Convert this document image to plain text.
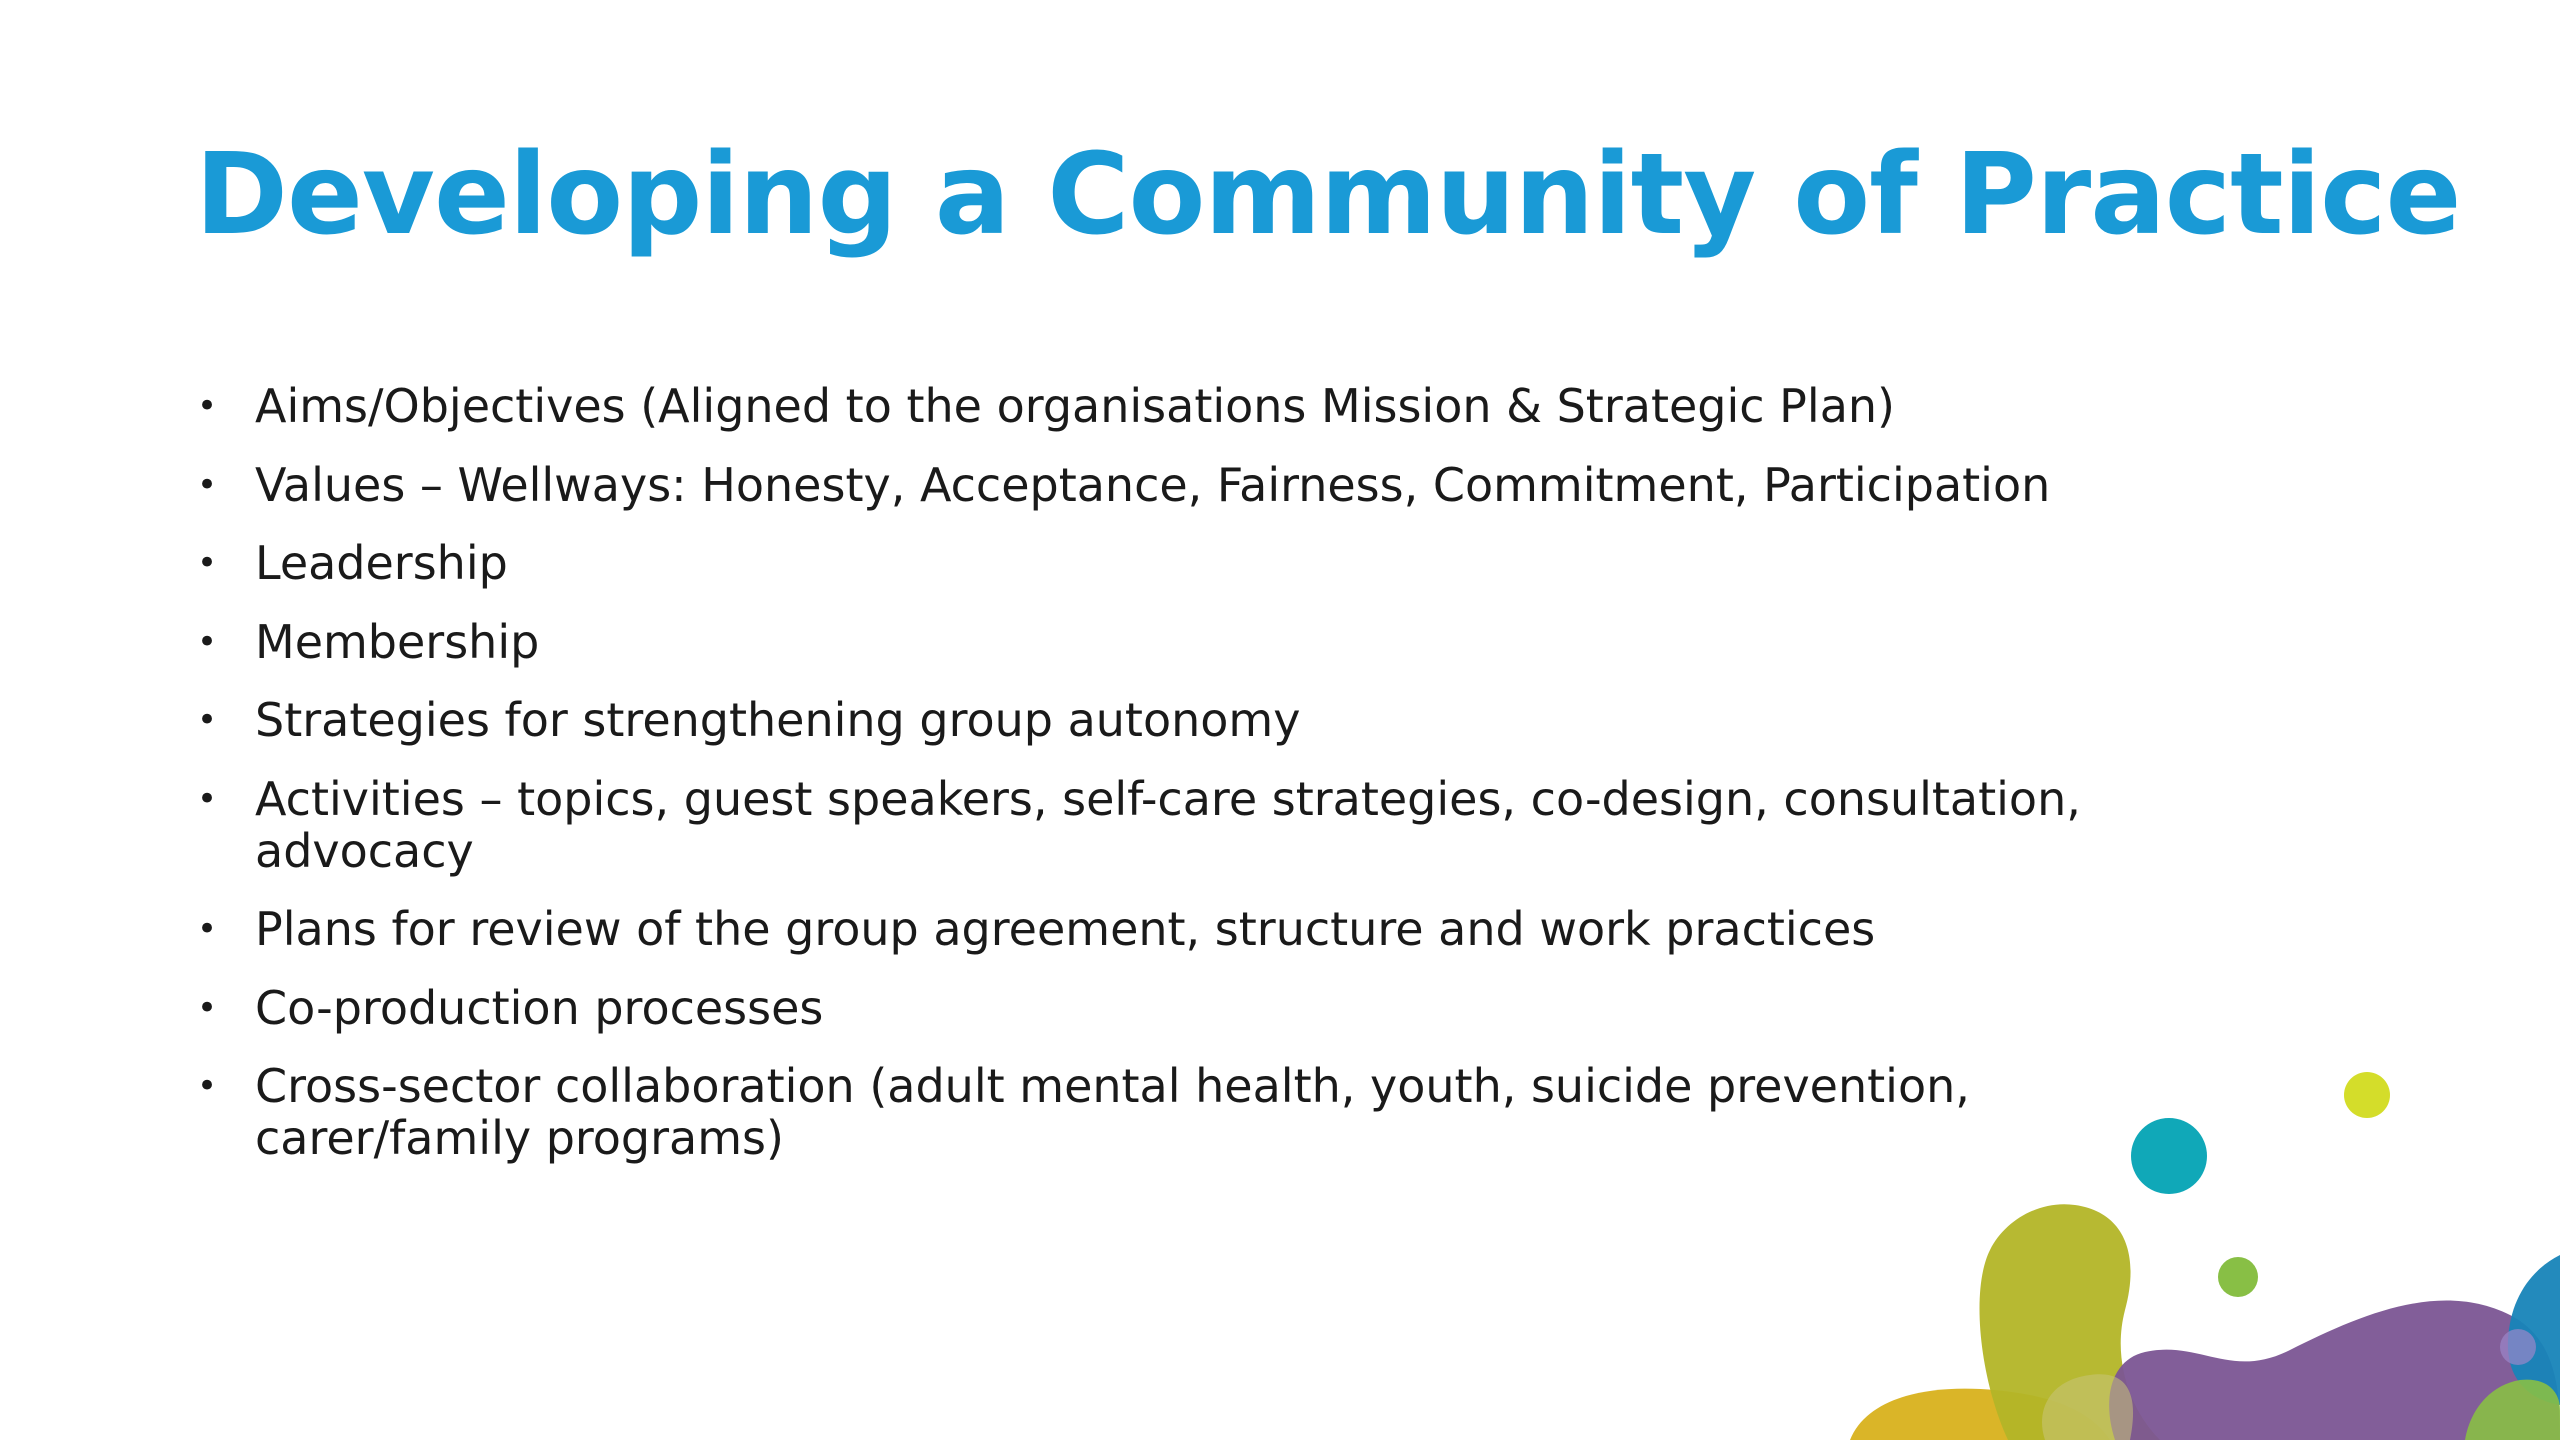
Developing a Community of Practice
• Aims/Objectives (Aligned to the organisations Mission & Strategic Plan)
• Values – Wellways: Honesty, Acceptance, Fairness, Commitment, Participation
• Leadership
• Membership
• Strategies for strengthening group autonomy
• Activities – topics, guest speakers, self-care strategies, co-design, consultation, advocacy
• Plans for review of the group agreement, structure and work practices
• Co-production processes
• Cross-sector collaboration (adult mental health, youth, suicide prevention, carer/family programs)
